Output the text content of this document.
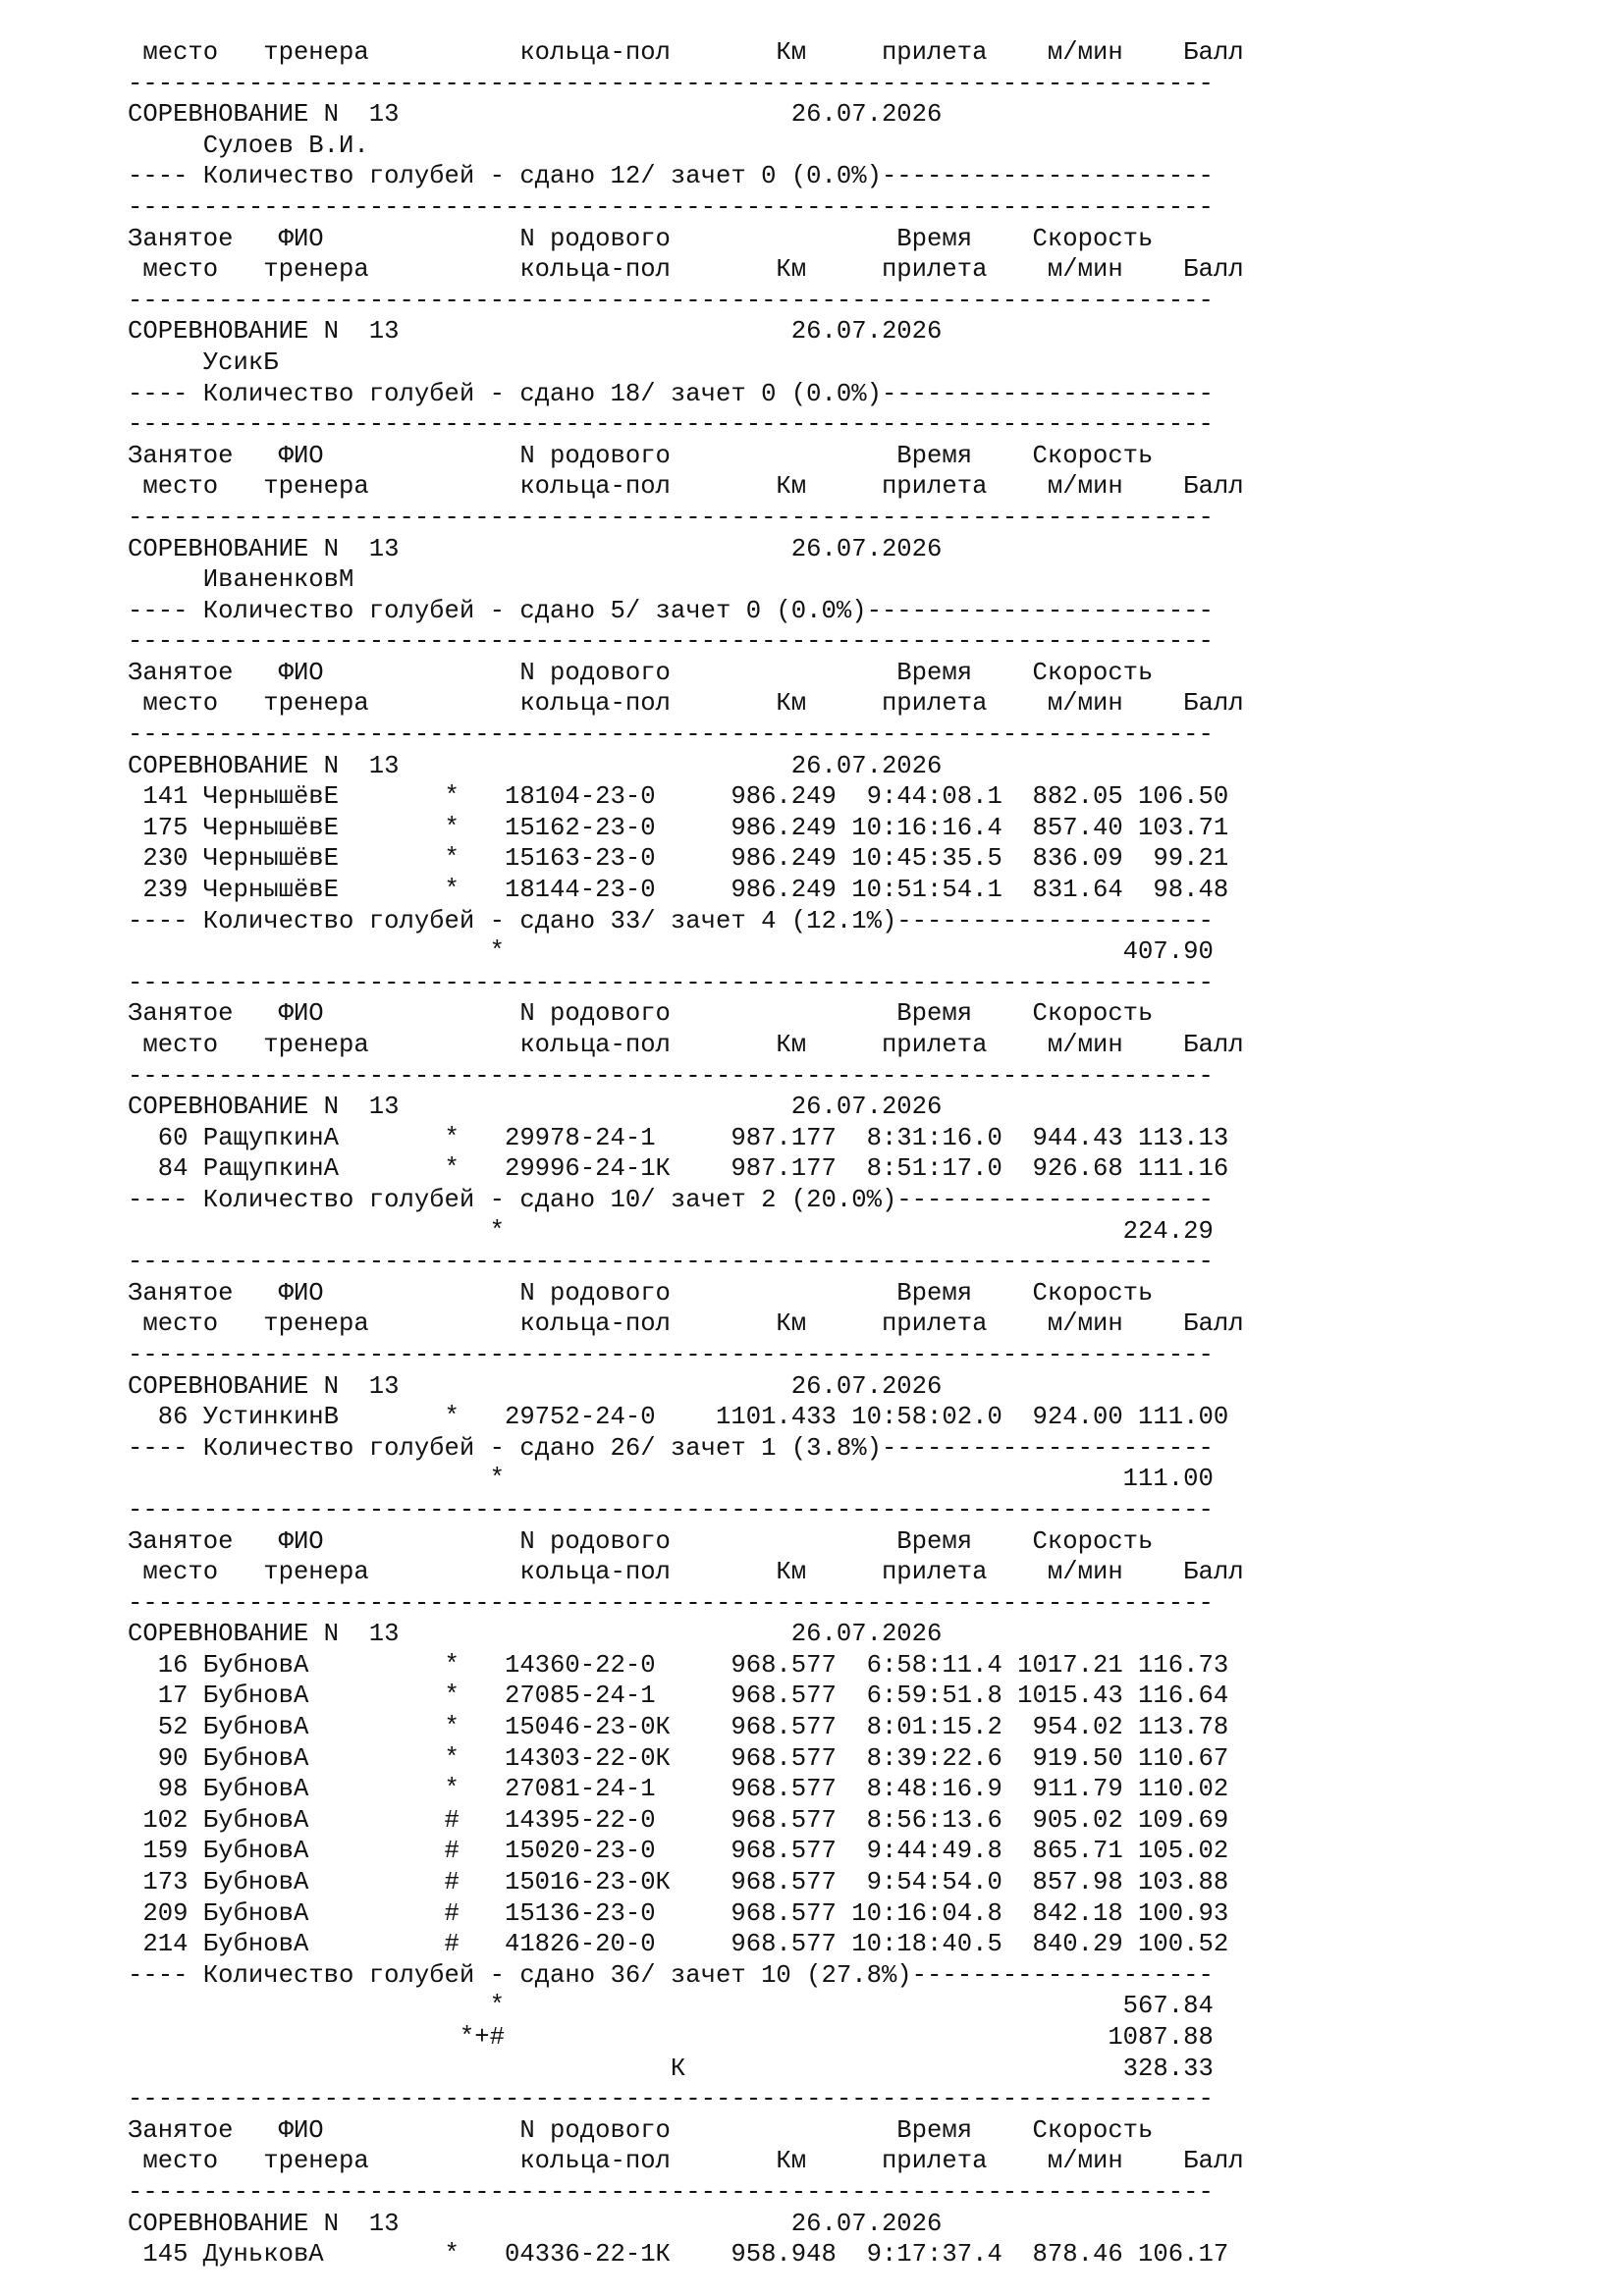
место   тренера          кольца-пол       Км     прилета    м/мин    Балл
------------------------------------------------------------------------
СОРЕВНОВАНИЕ N  13                          26.07.2026
Сулоев В.И.
---- Количество голубей - сдано 12/ зачет 0 (0.0%)----------------------
------------------------------------------------------------------------
Занятое   ФИО             N родового               Время    Скорость
место   тренера          кольца-пол       Км     прилета    м/мин    Балл
------------------------------------------------------------------------
СОРЕВНОВАНИЕ N  13                          26.07.2026
УсикБ
---- Количество голубей - сдано 18/ зачет 0 (0.0%)----------------------
------------------------------------------------------------------------
Занятое   ФИО             N родового               Время    Скорость
место   тренера          кольца-пол       Км     прилета    м/мин    Балл
------------------------------------------------------------------------
СОРЕВНОВАНИЕ N  13                          26.07.2026
ИваненковМ
---- Количество голубей - сдано 5/ зачет 0 (0.0%)-----------------------
------------------------------------------------------------------------
Занятое   ФИО             N родового               Время    Скорость
место   тренера          кольца-пол       Км     прилета    м/мин    Балл
------------------------------------------------------------------------
СОРЕВНОВАНИЕ N  13                          26.07.2026
141 ЧернышёвЕ       *   18104-23-0     986.249  9:44:08.1  882.05 106.50
175 ЧернышёвЕ       *   15162-23-0     986.249 10:16:16.4  857.40 103.71
230 ЧернышёвЕ       *   15163-23-0     986.249 10:45:35.5  836.09  99.21
239 ЧернышёвЕ       *   18144-23-0     986.249 10:51:54.1  831.64  98.48
---- Количество голубей - сдано 33/ зачет 4 (12.1%)---------------------
*                                         407.90
------------------------------------------------------------------------
Занятое   ФИО             N родового               Время    Скорость
место   тренера          кольца-пол       Км     прилета    м/мин    Балл
------------------------------------------------------------------------
СОРЕВНОВАНИЕ N  13                          26.07.2026
60 РащупкинА       *   29978-24-1     987.177  8:31:16.0  944.43 113.13
84 РащупкинА       *   29996-24-1К    987.177  8:51:17.0  926.68 111.16
---- Количество голубей - сдано 10/ зачет 2 (20.0%)---------------------
*                                         224.29
------------------------------------------------------------------------
Занятое   ФИО             N родового               Время    Скорость
место   тренера          кольца-пол       Км     прилета    м/мин    Балл
------------------------------------------------------------------------
СОРЕВНОВАНИЕ N  13                          26.07.2026
86 УстинкинВ       *   29752-24-0    1101.433 10:58:02.0  924.00 111.00
---- Количество голубей - сдано 26/ зачет 1 (3.8%)----------------------
*                                         111.00
------------------------------------------------------------------------
Занятое   ФИО             N родового               Время    Скорость
место   тренера          кольца-пол       Км     прилета    м/мин    Балл
------------------------------------------------------------------------
СОРЕВНОВАНИЕ N  13                          26.07.2026
16 БубновА         *   14360-22-0     968.577  6:58:11.4 1017.21 116.73
17 БубновА         *   27085-24-1     968.577  6:59:51.8 1015.43 116.64
52 БубновА         *   15046-23-0К    968.577  8:01:15.2  954.02 113.78
90 БубновА         *   14303-22-0К    968.577  8:39:22.6  919.50 110.67
98 БубновА         *   27081-24-1     968.577  8:48:16.9  911.79 110.02
102 БубновА         #   14395-22-0     968.577  8:56:13.6  905.02 109.69
159 БубновА         #   15020-23-0     968.577  9:44:49.8  865.71 105.02
173 БубновА         #   15016-23-0К    968.577  9:54:54.0  857.98 103.88
209 БубновА         #   15136-23-0     968.577 10:16:04.8  842.18 100.93
214 БубновА         #   41826-20-0     968.577 10:18:40.5  840.29 100.52
---- Количество голубей - сдано 36/ зачет 10 (27.8%)--------------------
*                                         567.84
*+#                                        1087.88
К                             328.33
------------------------------------------------------------------------
Занятое   ФИО             N родового               Время    Скорость
место   тренера          кольца-пол       Км     прилета    м/мин    Балл
------------------------------------------------------------------------
СОРЕВНОВАНИЕ N  13                          26.07.2026
145 ДуньковА        *   04336-22-1К    958.948  9:17:37.4  878.46 106.17
